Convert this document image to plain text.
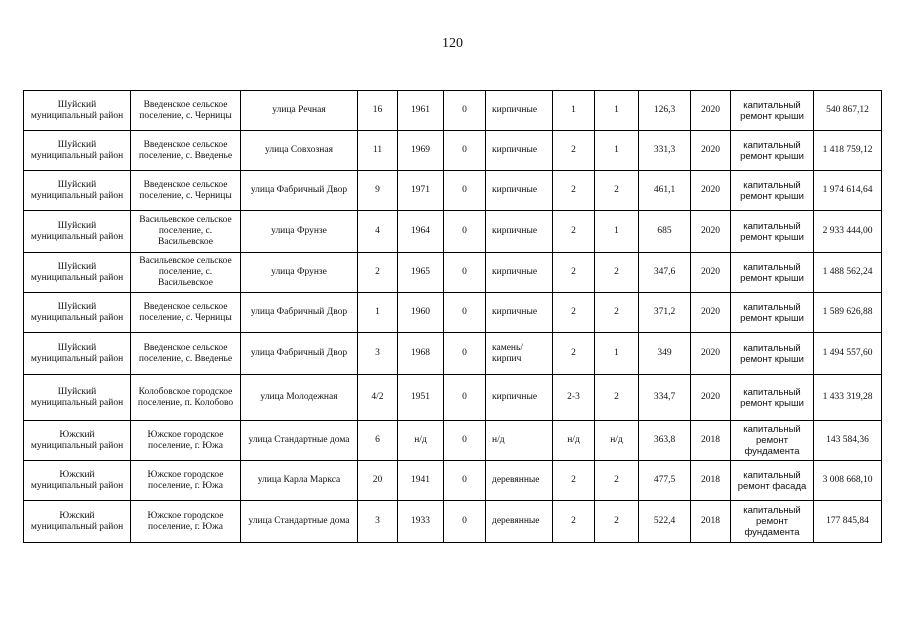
120
Шуйский муниципальный район	Введенское сельское поселение, с. Черницы	улица Речная	16	1961	0	кирпичные	1	1	126,3	2020	капитальный ремонт крыши	540 867,12
Шуйский муниципальный район	Введенское сельское поселение, с. Введенье	улица Совхозная	11	1969	0	кирпичные	2	1	331,3	2020	капитальный ремонт крыши	1 418 759,12
Шуйский муниципальный район	Введенское сельское поселение, с. Черницы	улица Фабричный Двор	9	1971	0	кирпичные	2	2	461,1	2020	капитальный ремонт крыши	1 974 614,64
Шуйский муниципальный район	Васильевское сельское поселение, с. Васильевское	улица Фрунзе	4	1964	0	кирпичные	2	1	685	2020	капитальный ремонт крыши	2 933 444,00
Шуйский муниципальный район	Васильевское сельское поселение, с. Васильевское	улица Фрунзе	2	1965	0	кирпичные	2	2	347,6	2020	капитальный ремонт крыши	1 488 562,24
Шуйский муниципальный район	Введенское сельское поселение, с. Черницы	улица Фабричный Двор	1	1960	0	кирпичные	2	2	371,2	2020	капитальный ремонт крыши	1 589 626,88
Шуйский муниципальный район	Введенское сельское поселение, с. Введенье	улица Фабричный Двор	3	1968	0	камень/кирпич	2	1	349	2020	капитальный ремонт крыши	1 494 557,60
Шуйский муниципальный район	Колобовское городское поселение, п. Колобово	улица Молодежная	4/2	1951	0	кирпичные	2-3	2	334,7	2020	капитальный ремонт крыши	1 433 319,28
Южский муниципальный район	Южское городское поселение, г. Южа	улица Стандартные дома	6	н/д	0	н/д	н/д	н/д	363,8	2018	капитальный ремонт фундамента	143 584,36
Южский муниципальный район	Южское городское поселение, г. Южа	улица Карла Маркса	20	1941	0	деревянные	2	2	477,5	2018	капитальный ремонт фасада	3 008 668,10
Южский муниципальный район	Южское городское поселение, г. Южа	улица Стандартные дома	3	1933	0	деревянные	2	2	522,4	2018	капитальный ремонт фундамента	177 845,84
